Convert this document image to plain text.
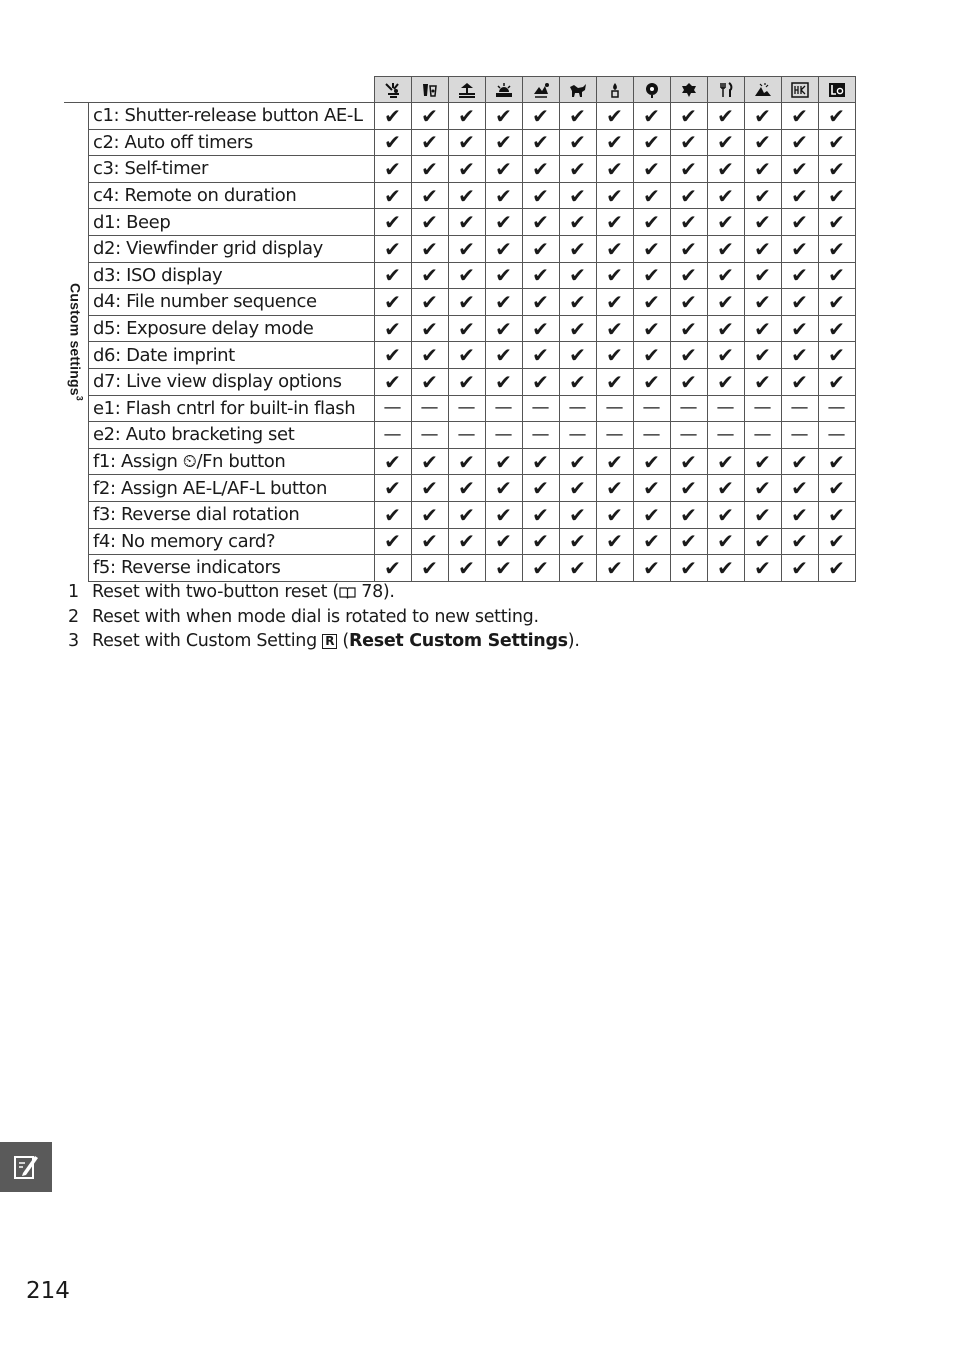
Custom settings$^3$	c1: Shutter-release button AE-L	✔	✔	✔	✔	✔	✔	✔	✔	✔	✔	✔	✔	✔
	c2: Auto off timers	✔	✔	✔	✔	✔	✔	✔	✔	✔	✔	✔	✔	✔
	c3: Self-timer	✔	✔	✔	✔	✔	✔	✔	✔	✔	✔	✔	✔	✔
	c4: Remote on duration	✔	✔	✔	✔	✔	✔	✔	✔	✔	✔	✔	✔	✔
	d1: Beep	✔	✔	✔	✔	✔	✔	✔	✔	✔	✔	✔	✔	✔
	d2: Viewfinder grid display	✔	✔	✔	✔	✔	✔	✔	✔	✔	✔	✔	✔	✔
	d3: ISO display	✔	✔	✔	✔	✔	✔	✔	✔	✔	✔	✔	✔	✔
	d4: File number sequence	✔	✔	✔	✔	✔	✔	✔	✔	✔	✔	✔	✔	✔
	d5: Exposure delay mode	✔	✔	✔	✔	✔	✔	✔	✔	✔	✔	✔	✔	✔
	d6: Date imprint	✔	✔	✔	✔	✔	✔	✔	✔	✔	✔	✔	✔	✔
	d7: Live view display options	✔	✔	✔	✔	✔	✔	✔	✔	✔	✔	✔	✔	✔
	e1: Flash cntrl for built-in flash	—	—	—	—	—	—	—	—	—	—	—	—	—
	e2: Auto bracketing set	—	—	—	—	—	—	—	—	—	—	—	—	—
	f1: Assign ⏲/Fn button	✔	✔	✔	✔	✔	✔	✔	✔	✔	✔	✔	✔	✔
	f2: Assign AE-L/AF-L button	✔	✔	✔	✔	✔	✔	✔	✔	✔	✔	✔	✔	✔
	f3: Reverse dial rotation	✔	✔	✔	✔	✔	✔	✔	✔	✔	✔	✔	✔	✔
	f4: No memory card?	✔	✔	✔	✔	✔	✔	✔	✔	✔	✔	✔	✔	✔
	f5: Reverse indicators	✔	✔	✔	✔	✔	✔	✔	✔	✔	✔	✔	✔	✔
1 Reset with two-button reset ( 78).
2 Reset with when mode dial is rotated to new setting.
3 Reset with Custom Setting R (Reset Custom Settings).
214
